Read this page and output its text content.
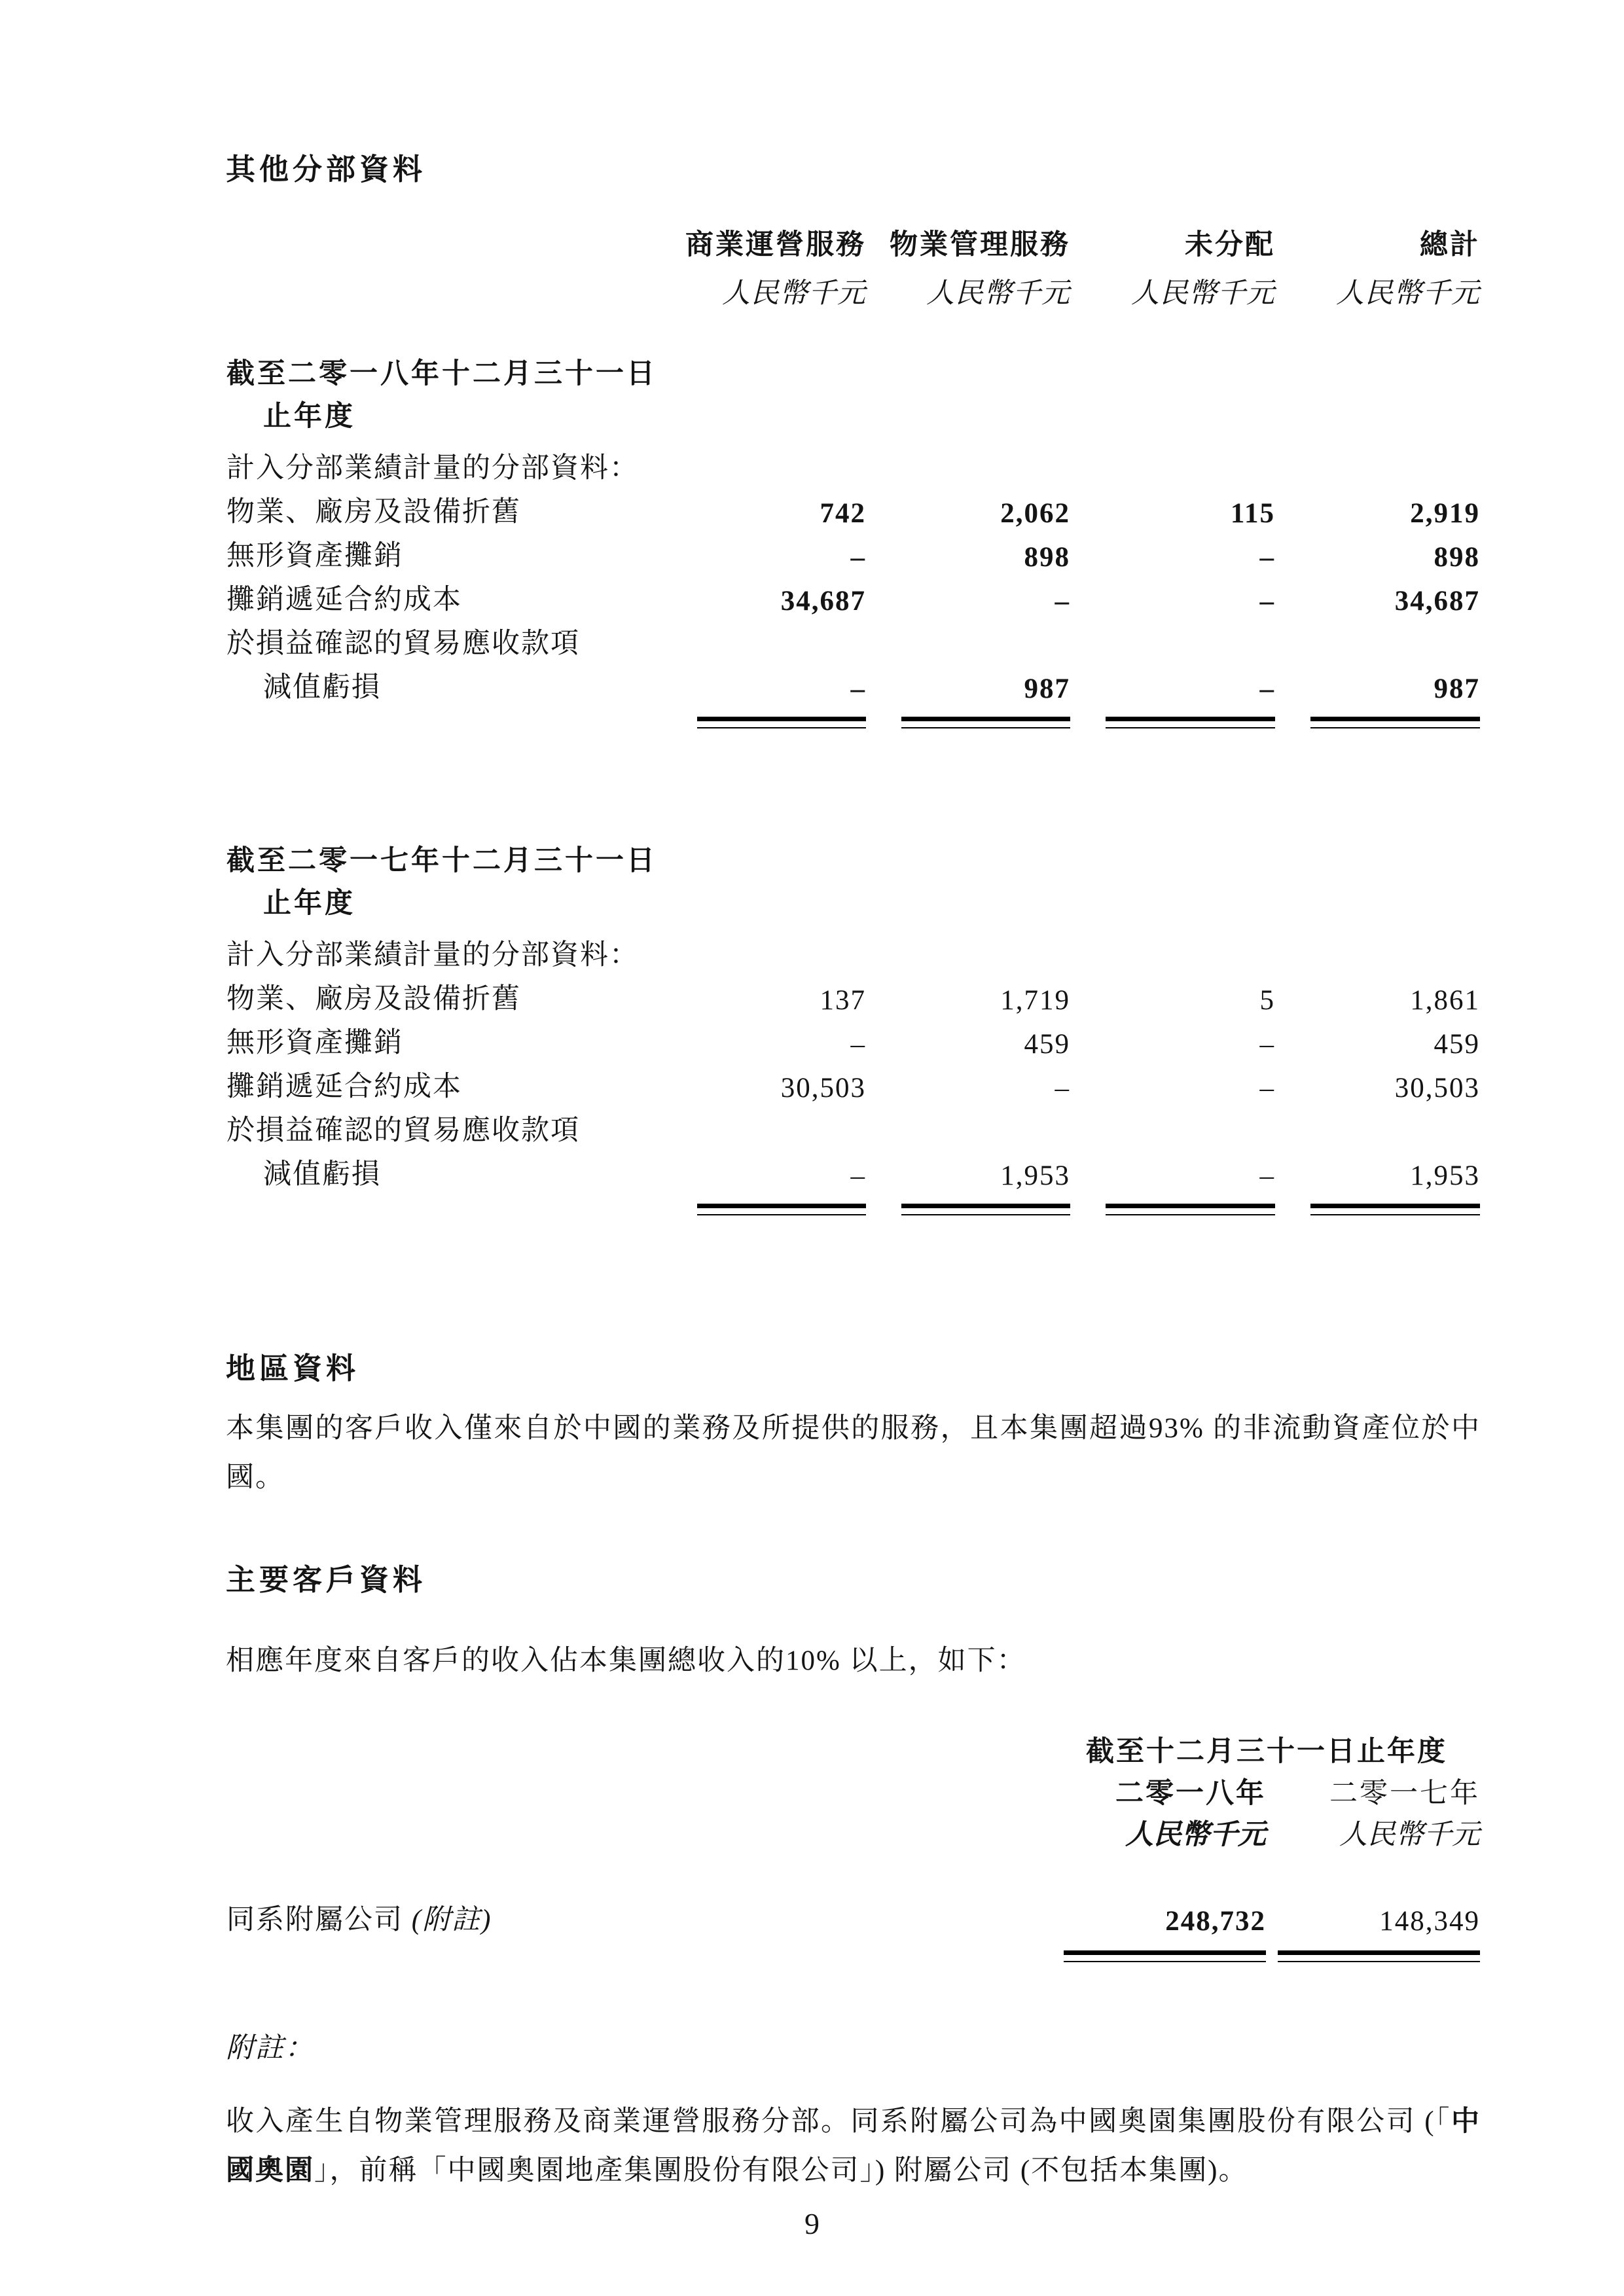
其他分部資料
	商業運營服務	物業管理服務	未分配	總計
	人民幣千元	人民幣千元	人民幣千元	人民幣千元
截至二零一八年十二月三十一日
止年度				
計入分部業績計量的分部資料：				
物業、廠房及設備折舊	742	2,062	115	2,919
無形資產攤銷	–	898	–	898
攤銷遞延合約成本	34,687	–	–	34,687
於損益確認的貿易應收款項				
減值虧損	–	987	–	987

截至二零一七年十二月三十一日
止年度				
計入分部業績計量的分部資料：				
物業、廠房及設備折舊	137	1,719	5	1,861
無形資產攤銷	–	459	–	459
攤銷遞延合約成本	30,503	–	–	30,503
於損益確認的貿易應收款項				
減值虧損	–	1,953	–	1,953

地區資料

本集團的客戶收入僅來自於中國的業務及所提供的服務，且本集團超過93% 的非流動資產位於中國。

主要客戶資料

相應年度來自客戶的收入佔本集團總收入的10% 以上，如下：

	截至十二月三十一日止年度	
	二零一八年	二零一七年
	人民幣千元	人民幣千元
同系附屬公司 (附註)	248,732	148,349

附註：

收入產生自物業管理服務及商業運營服務分部。同系附屬公司為中國奧園集團股份有限公司 (「中國奧園」，前稱「中國奧園地產集團股份有限公司」) 附屬公司 (不包括本集團)。

9
